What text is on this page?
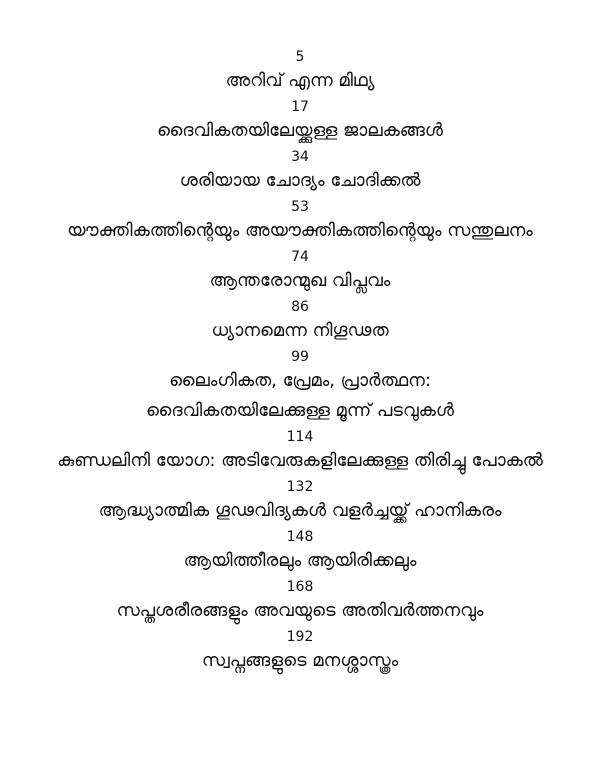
5
അറിവ് എന്ന മിഥ്യ
17
ദൈവികതയിലേയ്ക്കുള്ള ജാലകങ്ങൾ
34
ശരിയായ ചോദ്യം ചോദിക്കൽ
53
യൗക്തികത്തിന്റെയും അയൗക്തികത്തിന്റെയും സന്തുലനം
74
ആന്തരോന്മുഖ വിപ്ലവം
86
ധ്യാനമെന്ന നിഗൂഢത
99
ലൈംഗികത, പ്രേമം, പ്രാർത്ഥന:
ദൈവികതയിലേക്കുള്ള മൂന്ന് പടവുകൾ
114
കുണ്ഡലിനി യോഗ: അടിവേരുകളിലേക്കുള്ള തിരിച്ചു പോകൽ
132
ആദ്ധ്യാത്മിക ഗൂഢവിദ്യകൾ വളർച്ചയ്ക്ക് ഹാനികരം
148
ആയിത്തീരലും ആയിരിക്കലും
168
സപ്തശരീരങ്ങളും അവയുടെ അതിവർത്തനവും
192
സ്വപ്നങ്ങളുടെ മനശ്ശാസ്ത്രം
